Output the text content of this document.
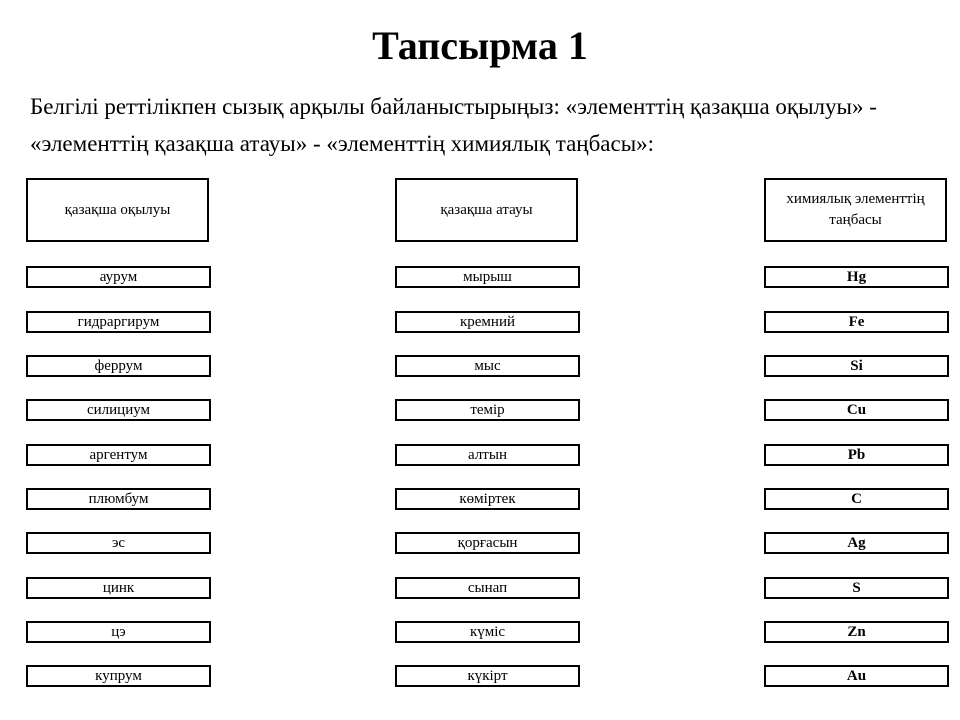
Тапсырма 1
Белгілі реттілікпен сызық арқылы байланыстырыңыз: «элементтің қазақша оқылуы» - «элементтің қазақша атауы» - «элементтің химиялық таңбасы»:
қазақша оқылуы	қазақша атауы
химиялық элементтің таңбасы
аурум
гидраргирум
феррум
силициум
аргентум
плюмбум
эс
цинк
цэ
купрум
мырыш
кремний
мыс
темір
алтын
көміртек
қорғасын
сынап
күміс
күкірт
Hg
Fe
Si
Cu
Pb
C
Ag
S
Zn
Au
